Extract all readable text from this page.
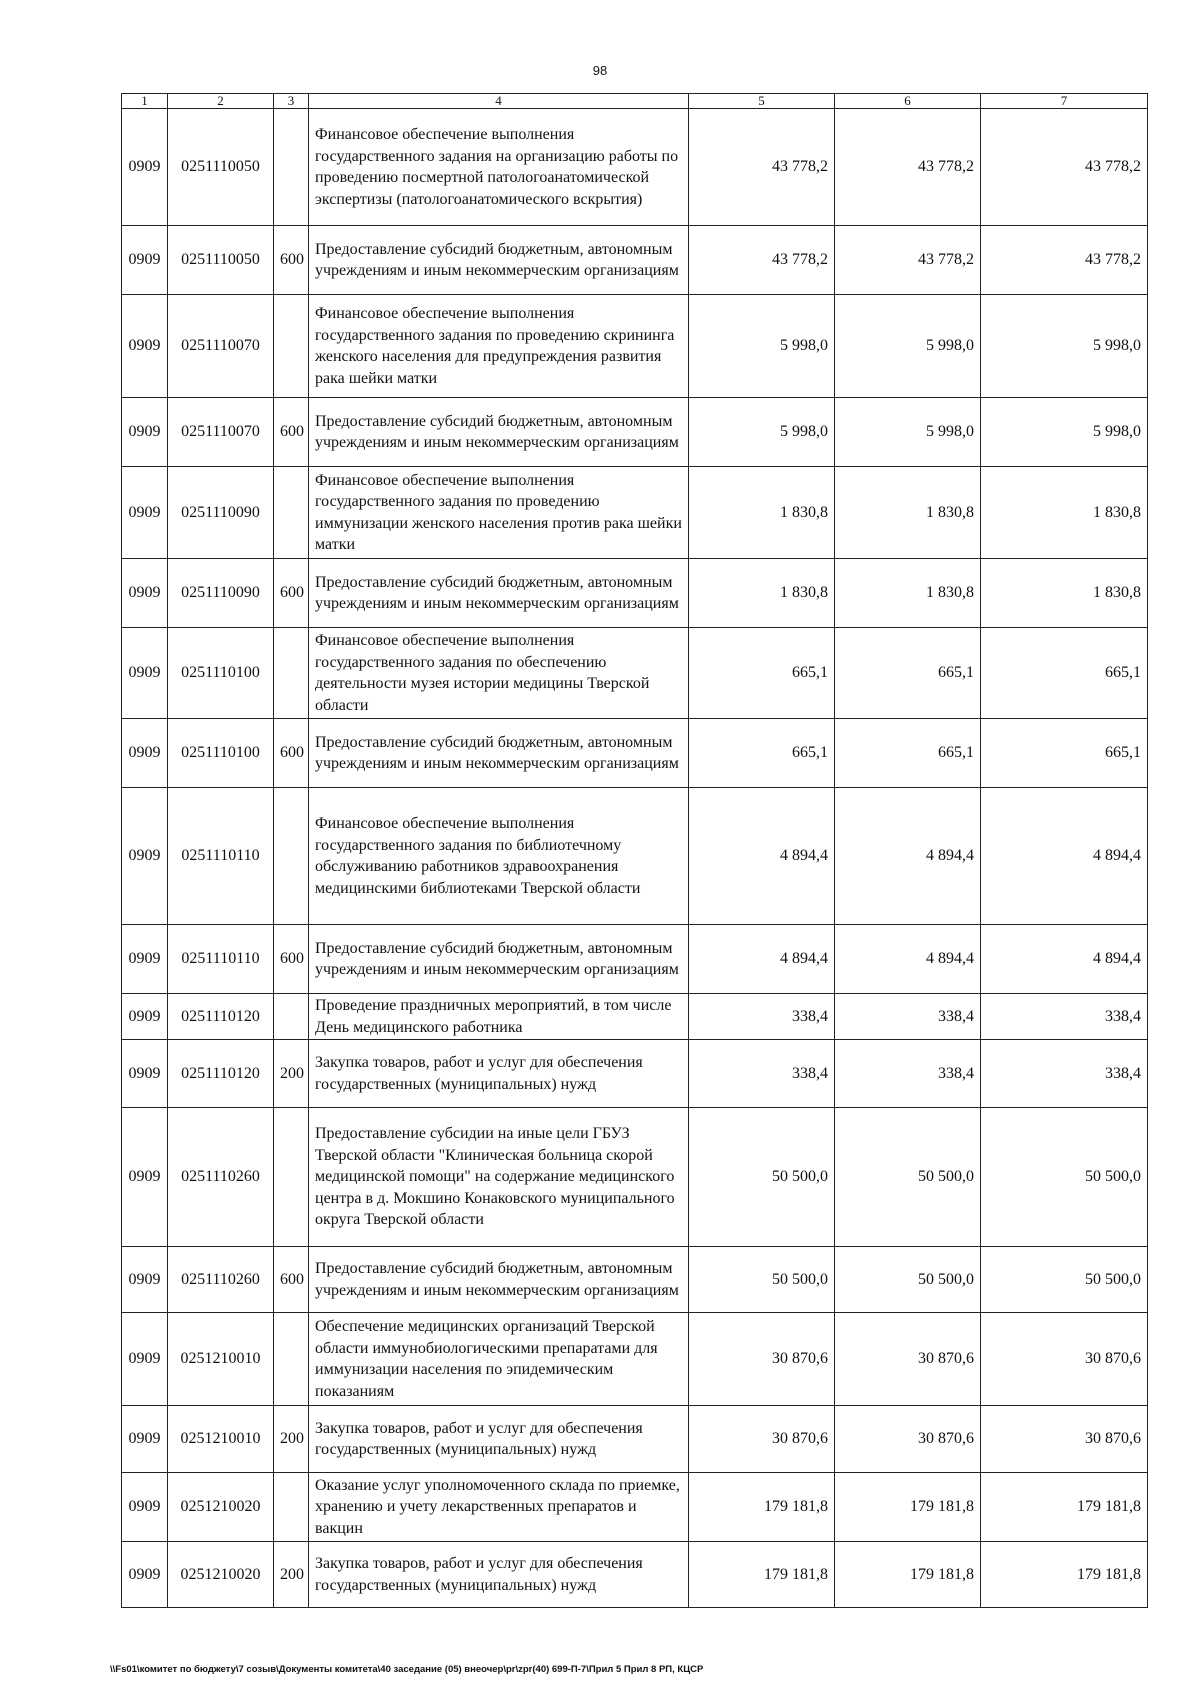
98
1	2	3	4	5	6	7
0909	0251110050		Финансовое обеспечение выполнения государственного задания на организацию работы по проведению посмертной патологоанатомической экспертизы (патологоанатомического вскрытия)	43 778,2	43 778,2	43 778,2
0909	0251110050	600	Предоставление субсидий бюджетным, автономным учреждениям и иным некоммерческим организациям	43 778,2	43 778,2	43 778,2
0909	0251110070		Финансовое обеспечение выполнения государственного задания по проведению скрининга женского населения для предупреждения развития рака шейки матки	5 998,0	5 998,0	5 998,0
0909	0251110070	600	Предоставление субсидий бюджетным, автономным учреждениям и иным некоммерческим организациям	5 998,0	5 998,0	5 998,0
0909	0251110090		Финансовое обеспечение выполнения государственного задания по проведению иммунизации женского населения против рака шейки матки	1 830,8	1 830,8	1 830,8
0909	0251110090	600	Предоставление субсидий бюджетным, автономным учреждениям и иным некоммерческим организациям	1 830,8	1 830,8	1 830,8
0909	0251110100		Финансовое обеспечение выполнения государственного задания по обеспечению деятельности музея истории медицины Тверской области	665,1	665,1	665,1
0909	0251110100	600	Предоставление субсидий бюджетным, автономным учреждениям и иным некоммерческим организациям	665,1	665,1	665,1
0909	0251110110		Финансовое обеспечение выполнения государственного задания по библиотечному обслуживанию работников здравоохранения медицинскими библиотеками Тверской области	4 894,4	4 894,4	4 894,4
0909	0251110110	600	Предоставление субсидий бюджетным, автономным учреждениям и иным некоммерческим организациям	4 894,4	4 894,4	4 894,4
0909	0251110120		Проведение праздничных мероприятий, в том числе День медицинского работника	338,4	338,4	338,4
0909	0251110120	200	Закупка товаров, работ и услуг для обеспечения государственных (муниципальных) нужд	338,4	338,4	338,4
0909	0251110260		Предоставление субсидии на иные цели ГБУЗ Тверской области "Клиническая больница скорой медицинской помощи" на содержание медицинского центра в д. Мокшино Конаковского муниципального округа Тверской области	50 500,0	50 500,0	50 500,0
0909	0251110260	600	Предоставление субсидий бюджетным, автономным учреждениям и иным некоммерческим организациям	50 500,0	50 500,0	50 500,0
0909	0251210010		Обеспечение медицинских организаций Тверской области иммунобиологическими препаратами для иммунизации населения по эпидемическим показаниям	30 870,6	30 870,6	30 870,6
0909	0251210010	200	Закупка товаров, работ и услуг для обеспечения государственных (муниципальных) нужд	30 870,6	30 870,6	30 870,6
0909	0251210020		Оказание услуг уполномоченного склада по приемке, хранению и учету лекарственных препаратов и вакцин	179 181,8	179 181,8	179 181,8
0909	0251210020	200	Закупка товаров, работ и услуг для обеспечения государственных (муниципальных) нужд	179 181,8	179 181,8	179 181,8
\\Fs01\комитет по бюджету\7 созыв\Документы комитета\40 заседание (05) внеочер\pr\zpr(40) 699-П-7\Прил 5 Прил 8 РП, КЦСР
